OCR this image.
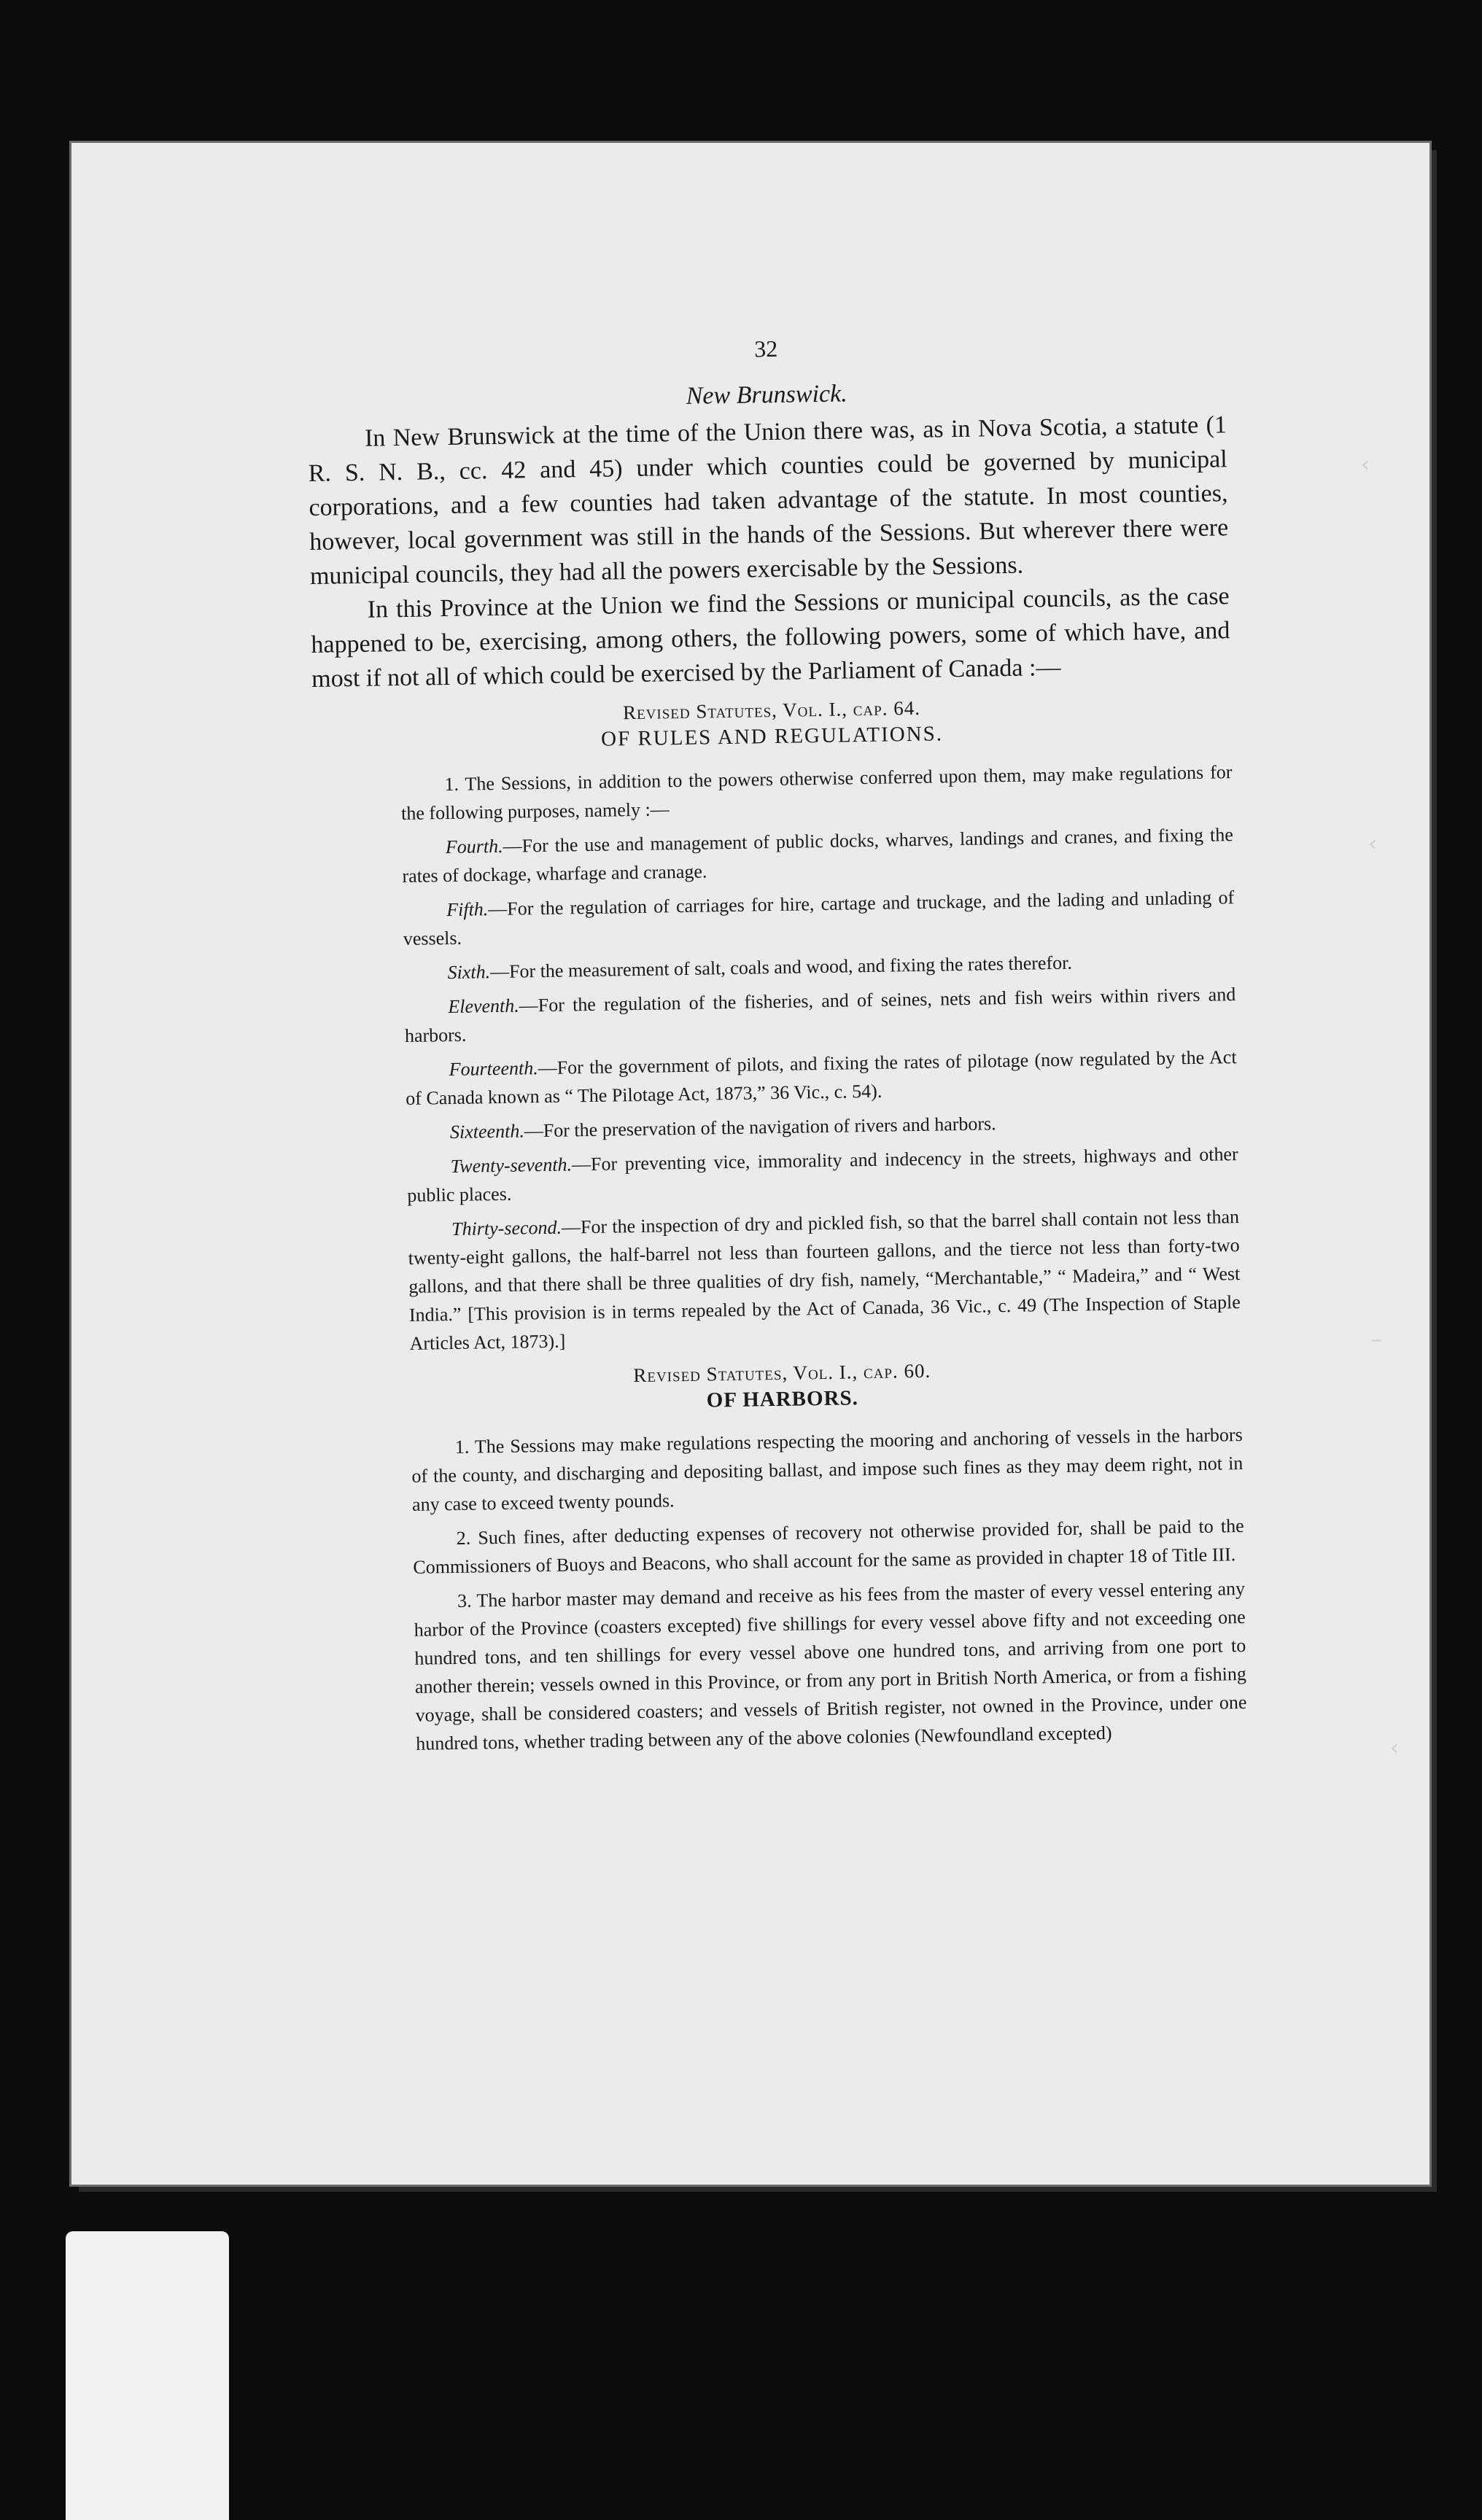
‹
‹
–
‹
32
New Brunswick.

In New Brunswick at the time of the Union there was, as in Nova Scotia, a statute (1 R. S. N. B., cc. 42 and 45) under which counties could be governed by municipal corporations, and a few counties had taken advantage of the statute. In most counties, however, local government was still in the hands of the Sessions. But wherever there were municipal councils, they had all the powers exercisable by the Sessions.

In this Province at the Union we find the Sessions or municipal councils, as the case happened to be, exercising, among others, the following powers, some of which have, and most if not all of which could be exercised by the Parliament of Canada :—

Revised Statutes, Vol. I., cap. 64.
OF RULES AND REGULATIONS.

1. The Sessions, in addition to the powers otherwise conferred upon them, may make regulations for the following purposes, namely :—

Fourth.—For the use and management of public docks, wharves, landings and cranes, and fixing the rates of dockage, wharfage and cranage.

Fifth.—For the regulation of carriages for hire, cartage and truckage, and the lading and unlading of vessels.

Sixth.—For the measurement of salt, coals and wood, and fixing the rates therefor.

Eleventh.—For the regulation of the fisheries, and of seines, nets and fish weirs within rivers and harbors.

Fourteenth.—For the government of pilots, and fixing the rates of pilotage (now regulated by the Act of Canada known as “ The Pilotage Act, 1873,” 36 Vic., c. 54).

Sixteenth.—For the preservation of the navigation of rivers and harbors.

Twenty-seventh.—For preventing vice, immorality and indecency in the streets, highways and other public places.

Thirty-second.—For the inspection of dry and pickled fish, so that the barrel shall contain not less than twenty-eight gallons, the half-barrel not less than fourteen gallons, and the tierce not less than forty-two gallons, and that there shall be three qualities of dry fish, namely, “Merchantable,” “ Madeira,” and “ West India.” [This provision is in terms repealed by the Act of Canada, 36 Vic., c. 49 (The Inspection of Staple Articles Act, 1873).]

Revised Statutes, Vol. I., cap. 60.
OF HARBORS.

1. The Sessions may make regulations respecting the mooring and anchoring of vessels in the harbors of the county, and discharging and depositing ballast, and impose such fines as they may deem right, not in any case to exceed twenty pounds.

2. Such fines, after deducting expenses of recovery not otherwise provided for, shall be paid to the Commissioners of Buoys and Beacons, who shall account for the same as provided in chapter 18 of Title III.

3. The harbor master may demand and receive as his fees from the master of every vessel entering any harbor of the Province (coasters excepted) five shillings for every vessel above fifty and not exceeding one hundred tons, and ten shillings for every vessel above one hundred tons, and arriving from one port to another therein; vessels owned in this Province, or from any port in British North America, or from a fishing voyage, shall be considered coasters; and vessels of British register, not owned in the Province, under one hundred tons, whether trading between any of the above colonies (Newfoundland excepted)
